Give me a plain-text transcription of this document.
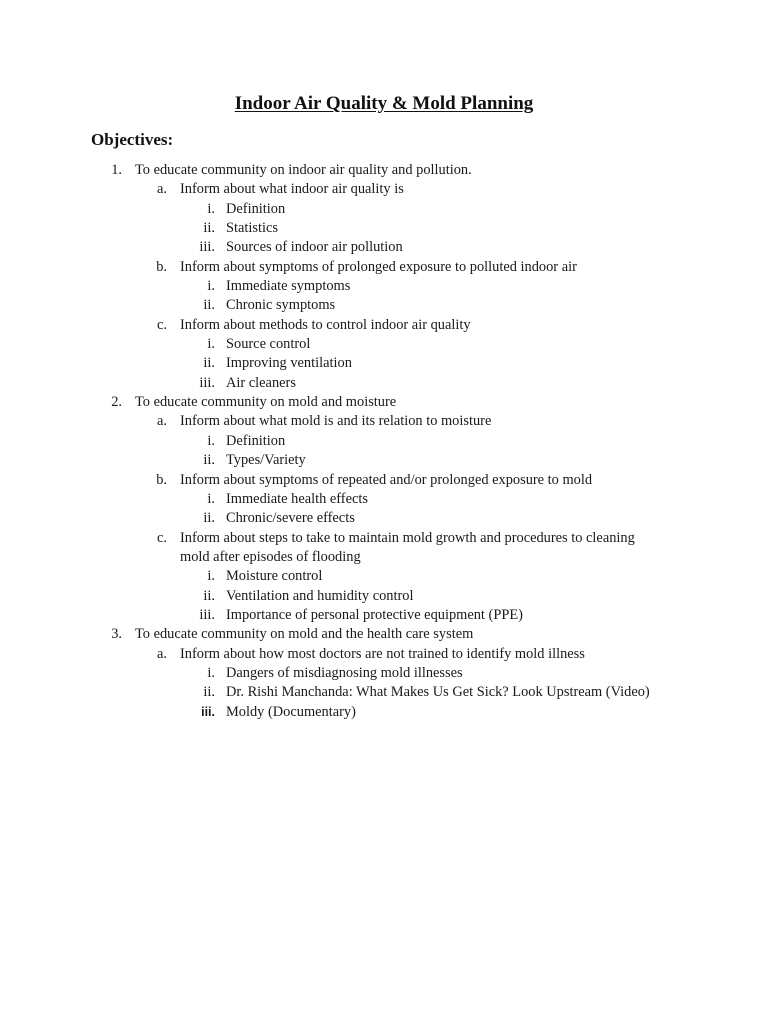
Indoor Air Quality & Mold Planning
Objectives:
1. To educate community on indoor air quality and pollution.
a. Inform about what indoor air quality is
i. Definition
ii. Statistics
iii. Sources of indoor air pollution
b. Inform about symptoms of prolonged exposure to polluted indoor air
i. Immediate symptoms
ii. Chronic symptoms
c. Inform about methods to control indoor air quality
i. Source control
ii. Improving ventilation
iii. Air cleaners
2. To educate community on mold and moisture
a. Inform about what mold is and its relation to moisture
i. Definition
ii. Types/Variety
b. Inform about symptoms of repeated and/or prolonged exposure to mold
i. Immediate health effects
ii. Chronic/severe effects
c. Inform about steps to take to maintain mold growth and procedures to cleaning
mold after episodes of flooding
i. Moisture control
ii. Ventilation and humidity control
iii. Importance of personal protective equipment (PPE)
3. To educate community on mold and the health care system
a. Inform about how most doctors are not trained to identify mold illness
i. Dangers of misdiagnosing mold illnesses
ii. Dr. Rishi Manchanda: What Makes Us Get Sick? Look Upstream (Video)
iii. Moldy (Documentary)
